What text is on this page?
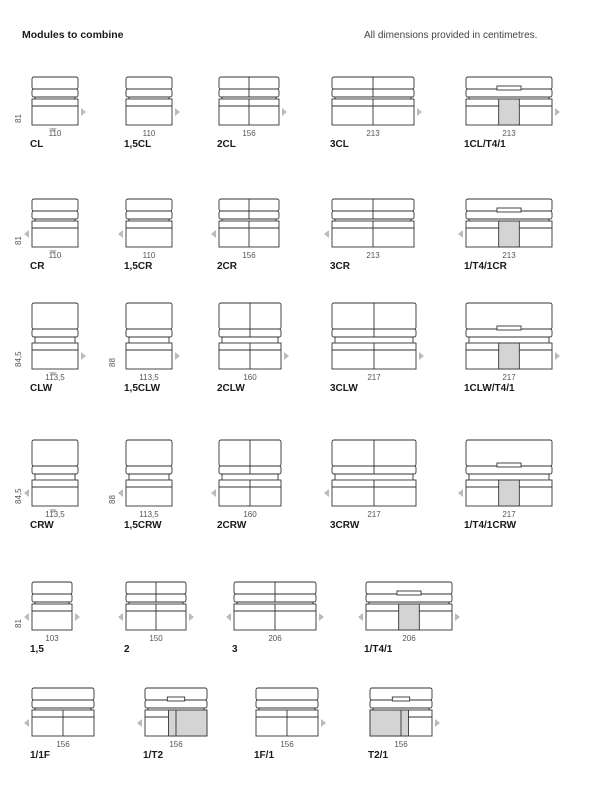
Modules to combine	All dimensions provided in centimetres.
81
110
CL
110
1,5CL
156
2CL
213
3CL
213
1CL/T4/1
81
110
CR
110
1,5CR
156
2CR
213
3CR
213
1/T4/1CR
84,5
113,5
CLW
88
113,5
1,5CLW
160
2CLW
217
3CLW
217
1CLW/T4/1
84,5
113,5
CRW
88
113,5
1,5CRW
160
2CRW
217
3CRW
217
1/T4/1CRW
81
103
1,5
150
2
206
3
206
1/T4/1
156
1/1F
156
1/T2
156
1F/1
156
T2/1
